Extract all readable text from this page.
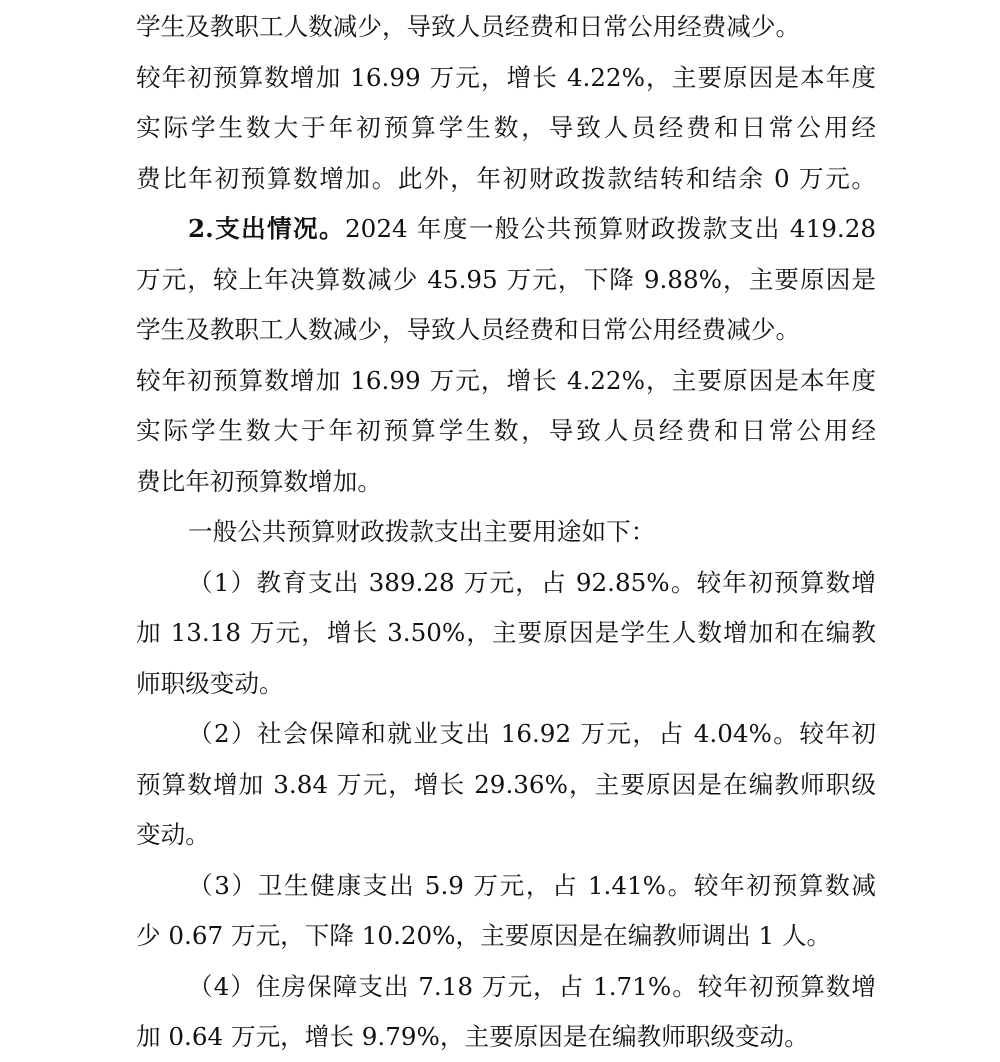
学生及教职工人数减少，导致人员经费和日常公用经费减少。
较年初预算数增加 16.99 万元，增长 4.22%，主要原因是本年度
实际学生数大于年初预算学生数，导致人员经费和日常公用经
费比年初预算数增加。此外，年初财政拨款结转和结余 0 万元。
2.支出情况。2024 年度一般公共预算财政拨款支出 419.28
万元，较上年决算数减少 45.95 万元，下降 9.88%，主要原因是
学生及教职工人数减少，导致人员经费和日常公用经费减少。
较年初预算数增加 16.99 万元，增长 4.22%，主要原因是本年度
实际学生数大于年初预算学生数，导致人员经费和日常公用经
费比年初预算数增加。
一般公共预算财政拨款支出主要用途如下：
（1）教育支出 389.28 万元，占 92.85%。较年初预算数增
加 13.18 万元，增长 3.50%，主要原因是学生人数增加和在编教
师职级变动。
（2）社会保障和就业支出 16.92 万元，占 4.04%。较年初
预算数增加 3.84 万元，增长 29.36%，主要原因是在编教师职级
变动。
（3）卫生健康支出 5.9 万元，占 1.41%。较年初预算数减
少 0.67 万元，下降 10.20%，主要原因是在编教师调出 1 人。
（4）住房保障支出 7.18 万元，占 1.71%。较年初预算数增
加 0.64 万元，增长 9.79%，主要原因是在编教师职级变动。
